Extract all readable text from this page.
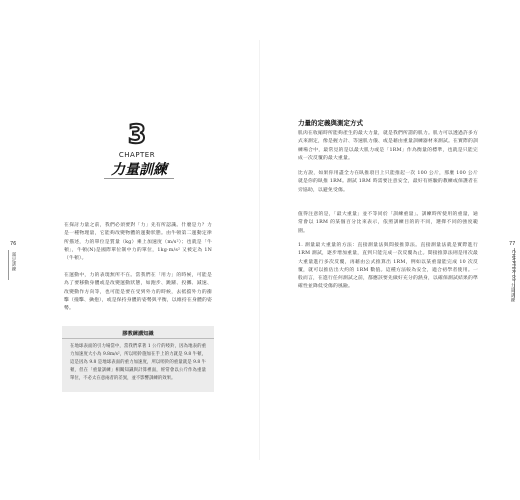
76
滿足訓練
3
CHAPTER
力量訓練
在探討力量之前，我們必須要對「力」先有所認識。什麼是力？力是一種物理量，它能夠改變物體的運動狀態。由牛頓第二運動定律所描述，力的單位是質量（kg）乘上加速度（m/s²）；也就是「牛頓」，牛頓(N)是國際單位制中力的單位，1kg·m/s² 又被定為 1N（牛頓）。
在運動中，力的表現無所不在。當我們在「用力」的時候，可能是為了要移動身體或是改變運動狀態，如跑步、跳躍、投擲、減速、改變動作方向等，也可能是要在受到外力的時候，去抵擋外力的衝擊（撞擊、擒抱），或是保持身體的姿勢與平衡，以維持在身體的姿勢。
膠教練講知識
在地球表面的引力場當中，當我們拿著 1 公斤的啞鈴，因為地表的重力加速度大小為 9.8m/s²，所以啞鈴施加在手上的力就是 9.8 牛頓，這是因為 9.8 是地球表面的重力加速度，所以啞鈴的重量就是 9.8 牛頓，但在「重量訓練」相關知識與計算裡面，經常會以公斤作為重量單位，不必太在意兩者的差異，並不影響訓練的效果。
77
CHAPTER 03 力量訓練
力量的定義與測定方式
肌肉在收縮時所能夠產生的最大力量，就是我們所謂的肌力。肌力可以透過許多方式來測定，像是握力計、等速肌力儀、或是藉由重量訓練器材來測試。在實際的訓練場合中，最常見的是以最大肌力或是「1RM」作為衡量的標準，也就是只能完成一次反覆的最大重量。
比方說，如果你用盡全力在臥推項目上只能推起一次 100 公斤，那麼 100 公斤就是你的臥推 1RM。測試 1RM 時需要注意安全，最好有經驗的教練或保護者在旁協助，以避免受傷。
值得注意的是，「最大重量」並不等同於「訓練重量」。訓練時所使用的重量，通常會以 1RM 的某個百分比來表示，依照訓練目的的不同，選擇不同的強度範圍。
1. 測量最大重量的方法：直接測量法與間接推算法。直接測量法就是實際進行 1RM 測試，逐步增加重量，直到只能完成一次反覆為止。間接推算法則是用次最大重量進行多次反覆，再藉由公式推算出 1RM，例如以某重量能完成 10 次反覆，就可以推估出大約的 1RM 數值。這種方法較為安全，適合初學者使用。一般而言，在進行任何測試之前，都應該要先做好充分的熱身，以確保測試結果的準確性並降低受傷的風險。
